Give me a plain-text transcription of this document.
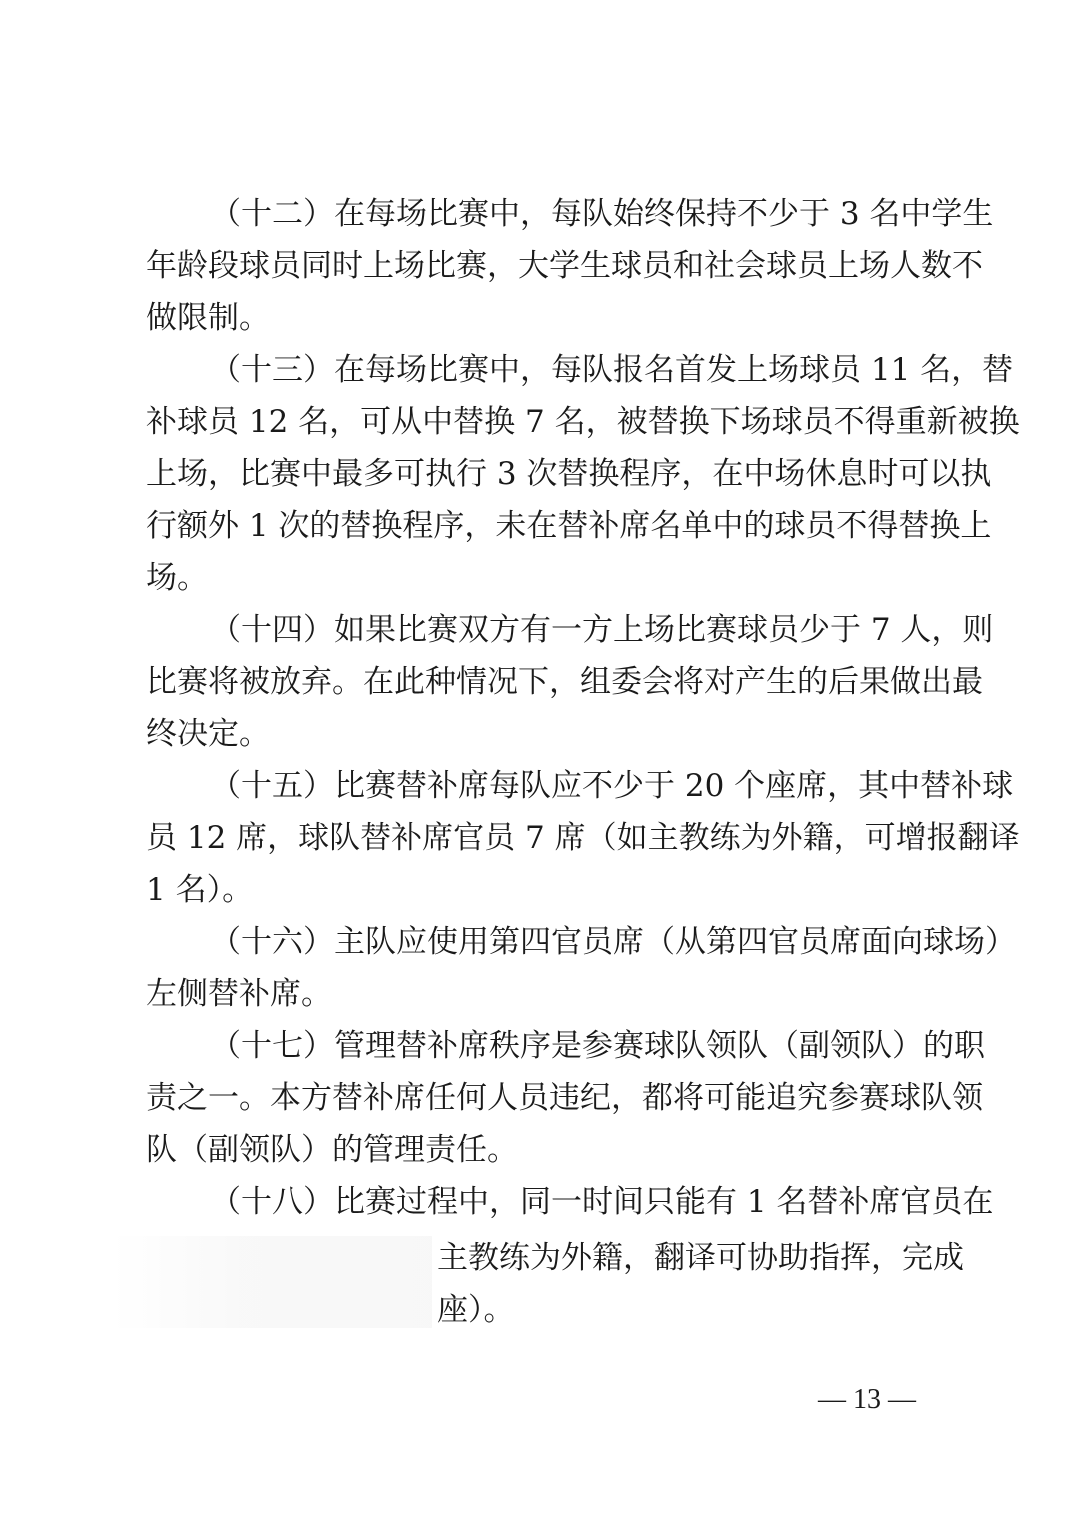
（十二）在每场比赛中，每队始终保持不少于 3 名中学生
年龄段球员同时上场比赛，大学生球员和社会球员上场人数不
做限制。
（十三）在每场比赛中，每队报名首发上场球员 11 名，替
补球员 12 名，可从中替换 7 名，被替换下场球员不得重新被换
上场，比赛中最多可执行 3 次替换程序，在中场休息时可以执
行额外 1 次的替换程序，未在替补席名单中的球员不得替换上
场。
（十四）如果比赛双方有一方上场比赛球员少于 7 人，则
比赛将被放弃。在此种情况下，组委会将对产生的后果做出最
终决定。
（十五）比赛替补席每队应不少于 20 个座席，其中替补球
员 12 席，球队替补席官员 7 席（如主教练为外籍，可增报翻译
1 名）。
（十六）主队应使用第四官员席（从第四官员席面向球场）
左侧替补席。
（十七）管理替补席秩序是参赛球队领队（副领队）的职
责之一。本方替补席任何人员违纪，都将可能追究参赛球队领
队（副领队）的管理责任。
（十八）比赛过程中，同一时间只能有 1 名替补席官员在
主教练为外籍，翻译可协助指挥，完成
座）。
— 13 —
